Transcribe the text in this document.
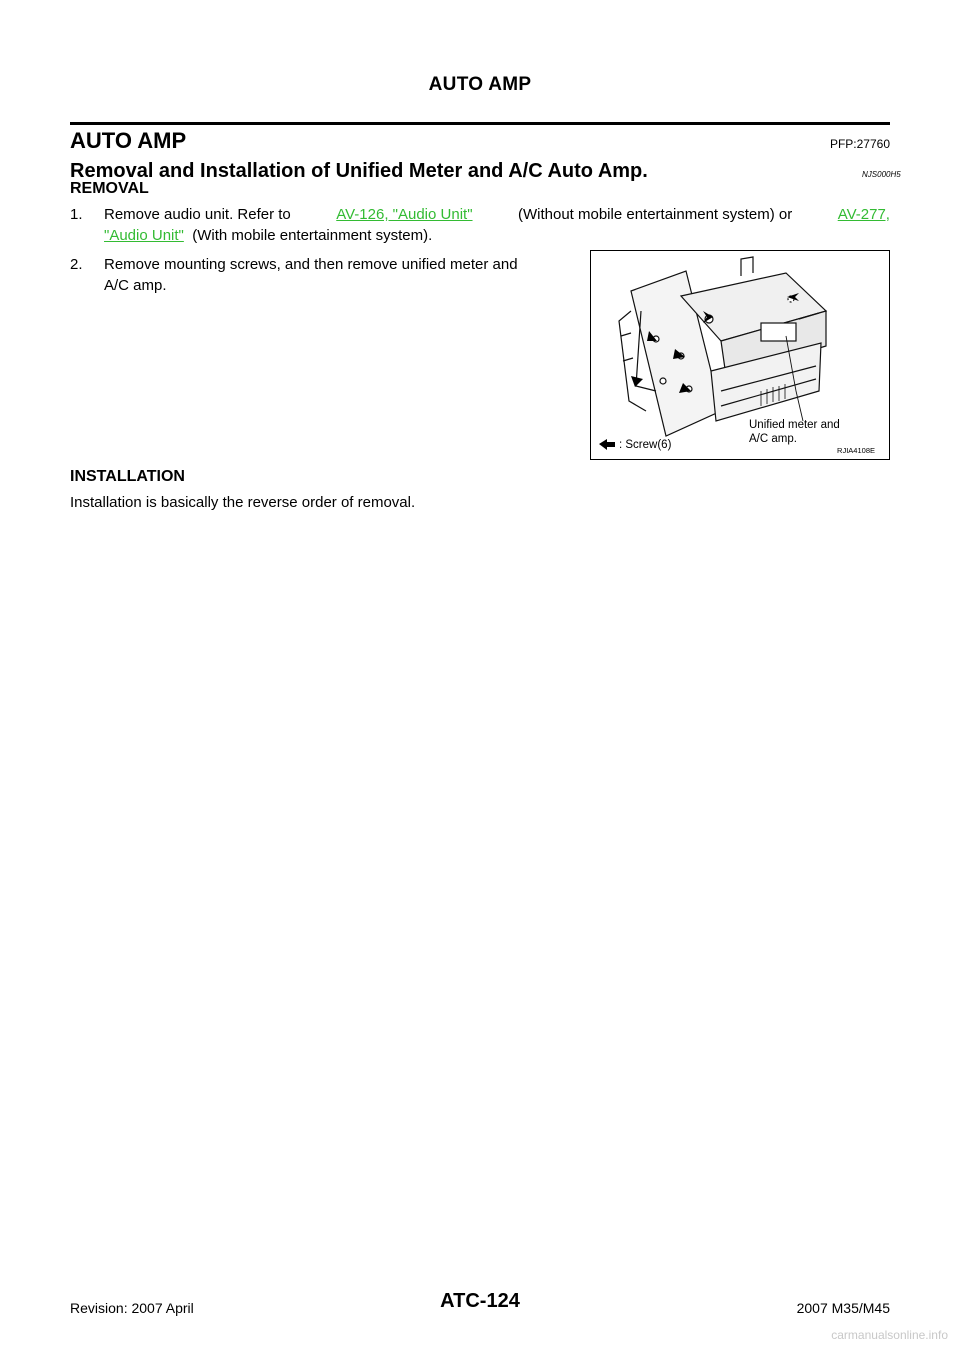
AUTO AMP
AUTO AMP	PFP:27760
Removal and Installation of Unified Meter and A/C Auto Amp.	NJS000H5
REMOVAL
1. Remove audio unit. Refer to	AV-126, "Audio Unit"	(Without mobile entertainment system) or	AV-277,
"Audio Unit" (With mobile entertainment system).
2. Remove mounting screws, and then remove unified meter and
A/C amp.
: Screw(6)
Unified meter and
A/C amp.
RJIA4108E
INSTALLATION
Installation is basically the reverse order of removal.
Revision: 2007 April	ATC-124	2007 M35/M45
carmanualsonline.info
